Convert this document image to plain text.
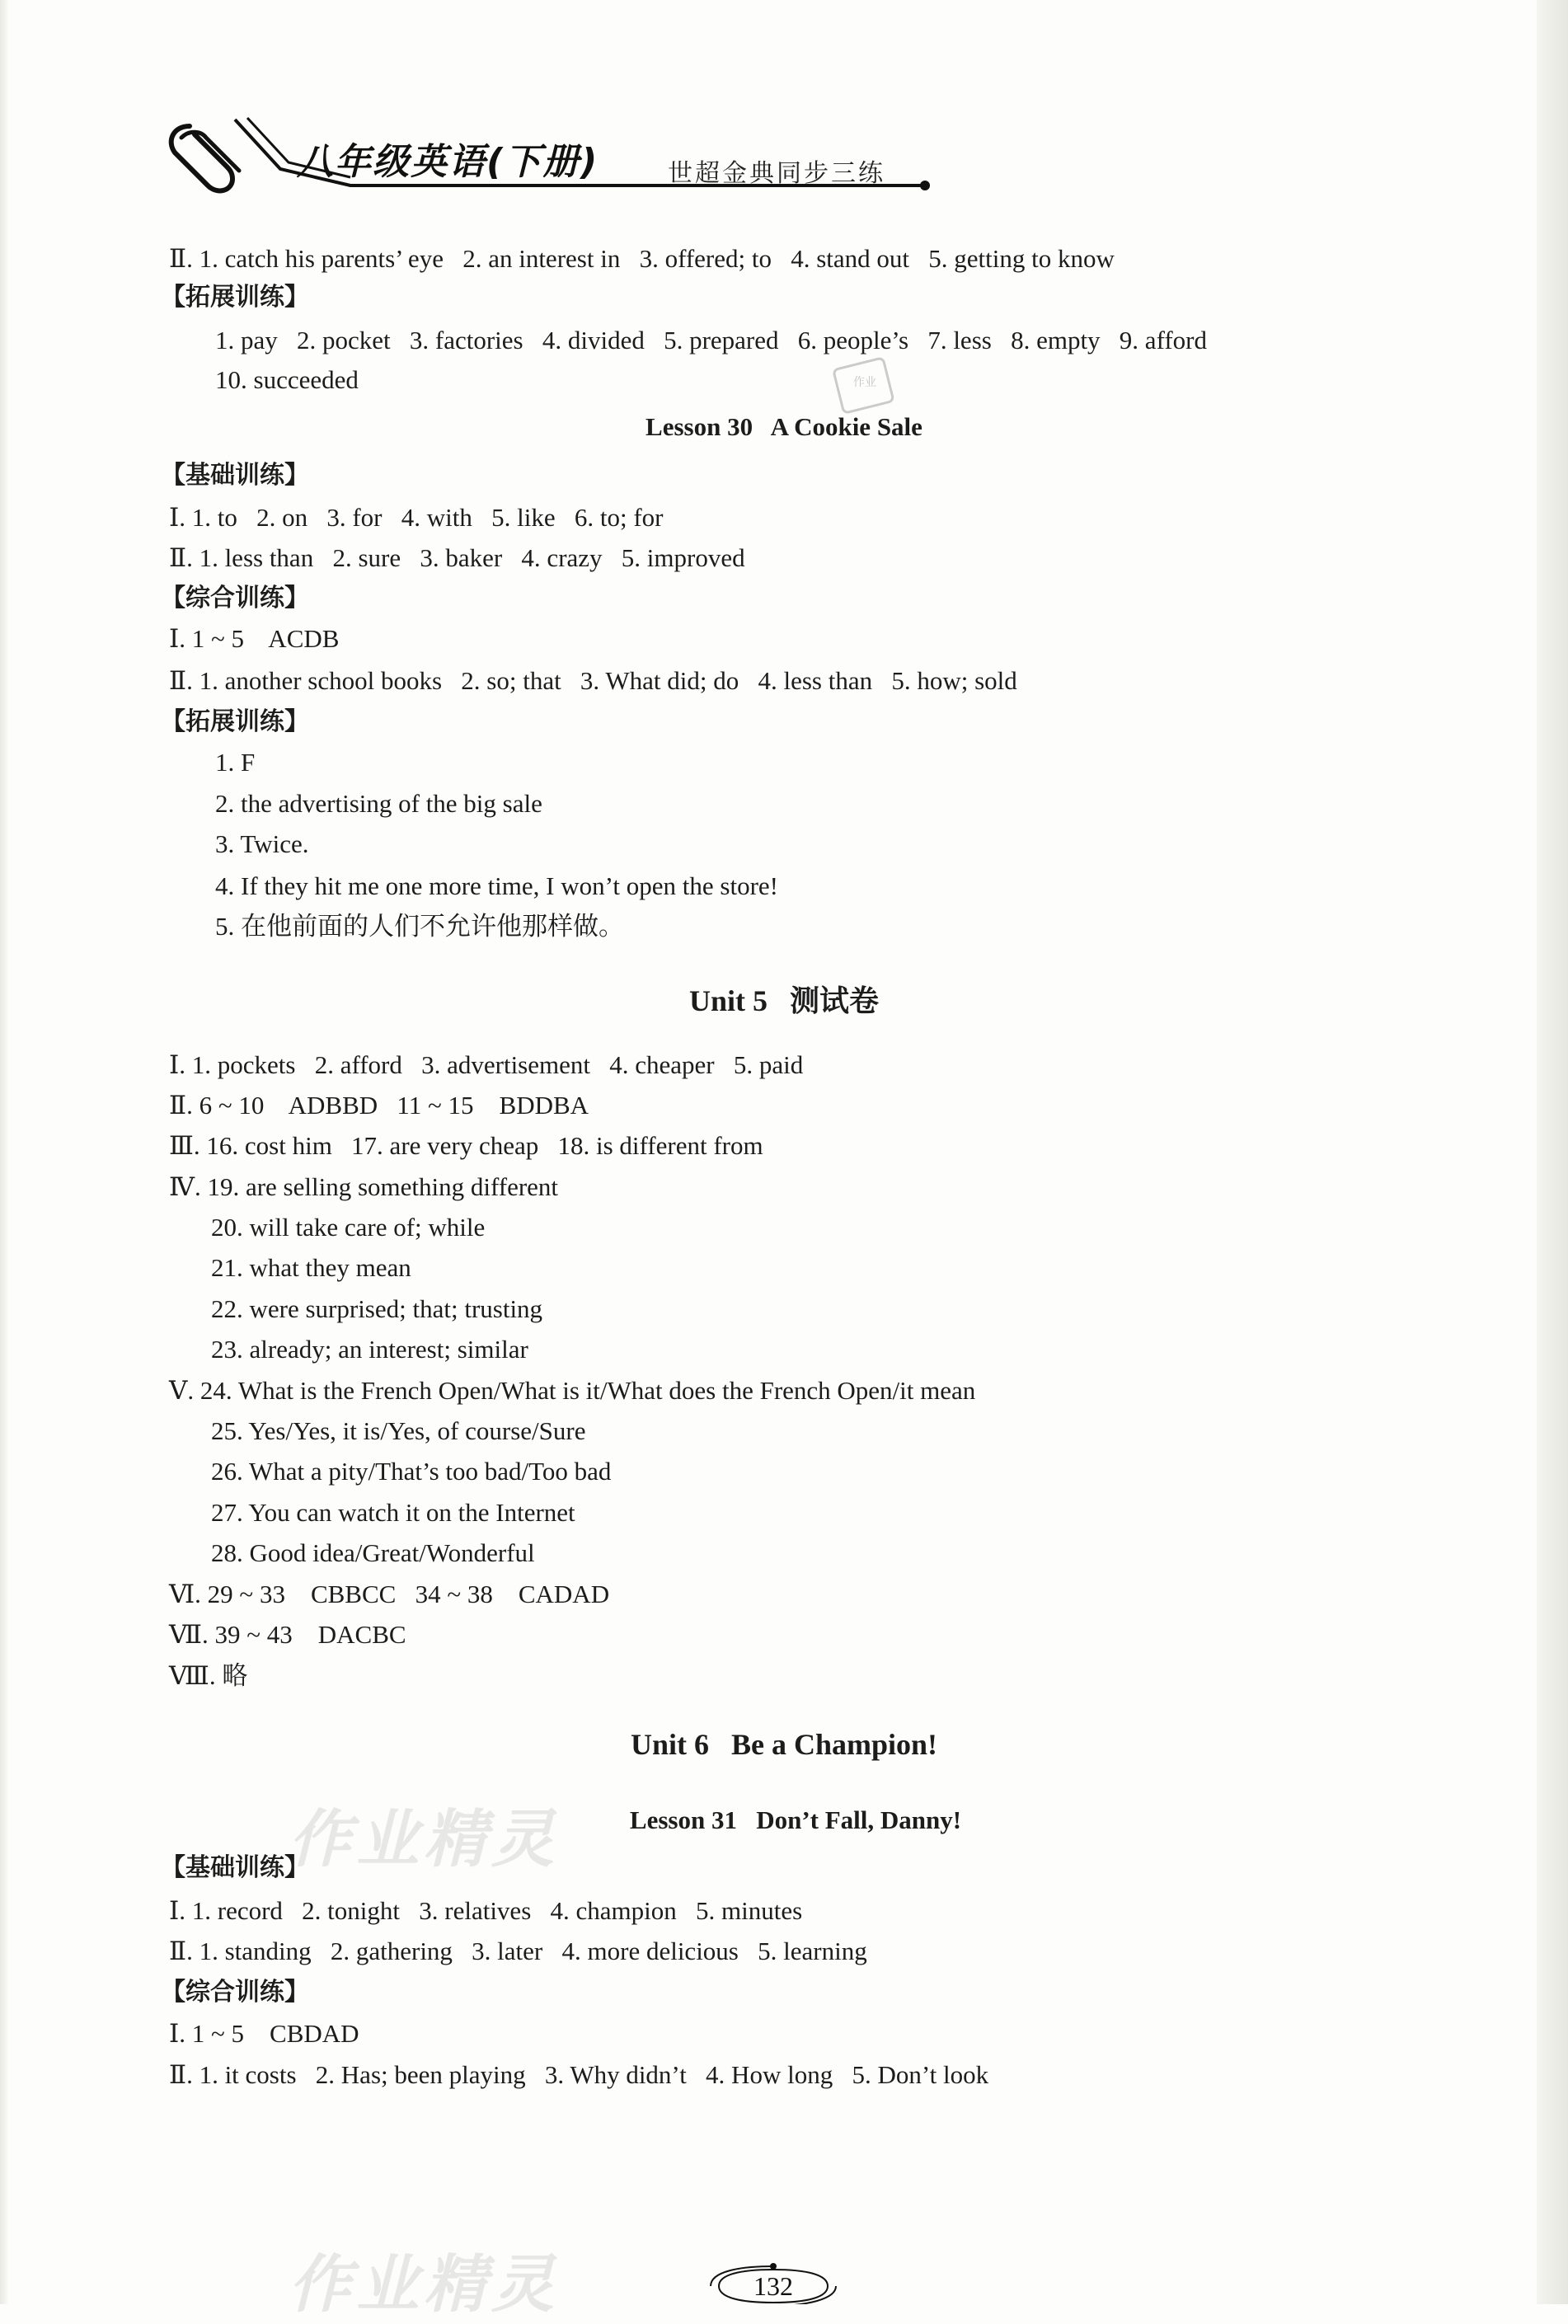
八年级英语(下册)	世超金典同步三练
Ⅱ. 1. catch his parents’ eye   2. an interest in   3. offered; to   4. stand out   5. getting to know
【拓展训练】
1. pay   2. pocket   3. factories   4. divided   5. prepared   6. people’s   7. less   8. empty   9. afford
10. succeeded
Lesson 30   A Cookie Sale
作业
【基础训练】
Ⅰ. 1. to   2. on   3. for   4. with   5. like   6. to; for
Ⅱ. 1. less than   2. sure   3. baker   4. crazy   5. improved
【综合训练】
Ⅰ. 1 ~ 5    ACDB
Ⅱ. 1. another school books   2. so; that   3. What did; do   4. less than   5. how; sold
【拓展训练】
1. F
2. the advertising of the big sale
3. Twice.
4. If they hit me one more time, I won’t open the store!
5. 在他前面的人们不允许他那样做。
Unit 5   测试卷
Ⅰ. 1. pockets   2. afford   3. advertisement   4. cheaper   5. paid
Ⅱ. 6 ~ 10    ADBBD   11 ~ 15    BDDBA
Ⅲ. 16. cost him   17. are very cheap   18. is different from
Ⅳ. 19. are selling something different
20. will take care of; while
21. what they mean
22. were surprised; that; trusting
23. already; an interest; similar
Ⅴ. 24. What is the French Open/What is it/What does the French Open/it mean
25. Yes/Yes, it is/Yes, of course/Sure
26. What a pity/That’s too bad/Too bad
27. You can watch it on the Internet
28. Good idea/Great/Wonderful
Ⅵ. 29 ~ 33    CBBCC   34 ~ 38    CADAD
Ⅶ. 39 ~ 43    DACBC
Ⅷ. 略
Unit 6   Be a Champion!
Lesson 31   Don’t Fall, Danny!
作业精灵
【基础训练】
Ⅰ. 1. record   2. tonight   3. relatives   4. champion   5. minutes
Ⅱ. 1. standing   2. gathering   3. later   4. more delicious   5. learning
【综合训练】
Ⅰ. 1 ~ 5    CBDAD
Ⅱ. 1. it costs   2. Has; been playing   3. Why didn’t   4. How long   5. Don’t look
132
作业精灵
